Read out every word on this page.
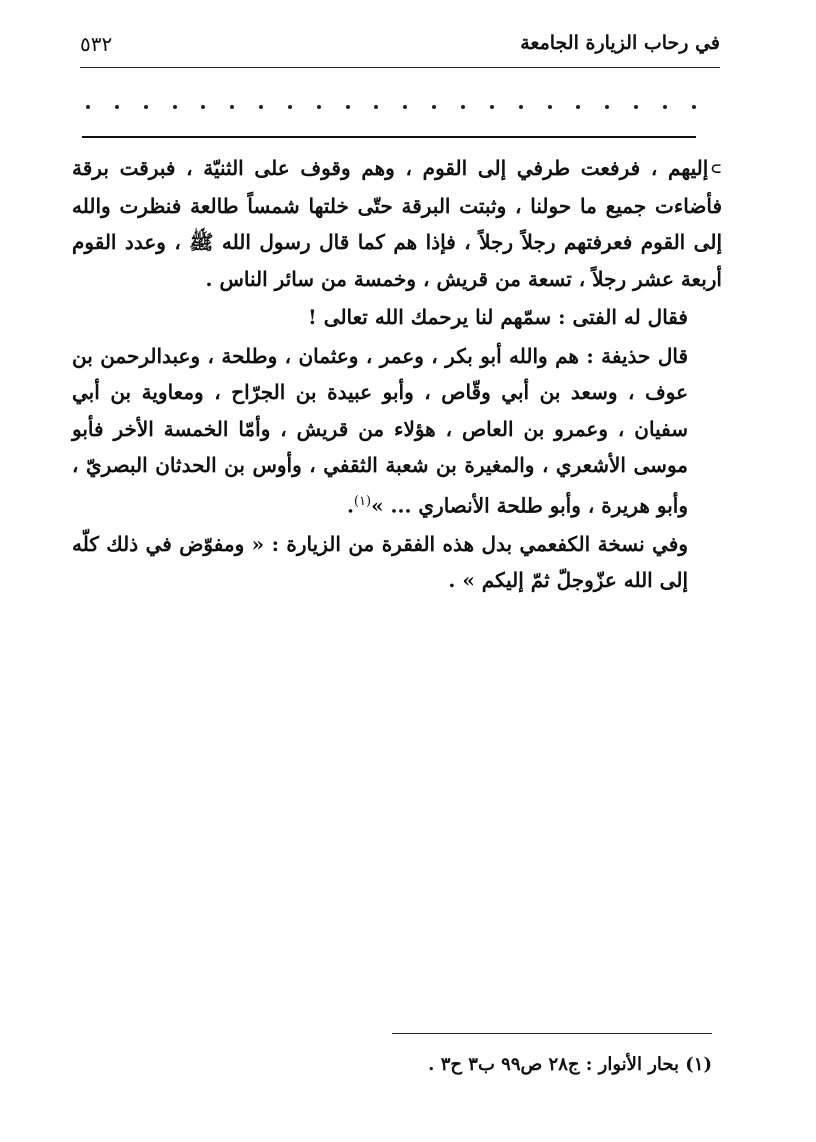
في رحاب الزيارة الجامعة
٥٣٢

⊃إليهم ، فرفعت طرفي إلى القوم ، وهم وقوف على الثنيّة ، فبرقت برقة فأضاءت جميع ما حولنا ، وثبتت البرقة حتّى خلتها شمساً طالعة فنظرت والله إلى القوم فعرفتهم رجلاً رجلاً ، فإذا هم كما قال رسول الله ﷺ ، وعدد القوم أربعة عشر رجلاً ، تسعة من قريش ، وخمسة من سائر الناس .

فقال له الفتى : سمّهم لنا يرحمك الله تعالى !

قال حذيفة : هم والله أبو بكر ، وعمر ، وعثمان ، وطلحة ، وعبدالرحمن بن عوف ، وسعد بن أبي وقّاص ، وأبو عبيدة بن الجرّاح ، ومعاوية بن أبي سفيان ، وعمرو بن العاص ، هؤلاء من قريش ، وأمّا الخمسة الأخر فأبو موسى الأشعري ، والمغيرة بن شعبة الثقفي ، وأوس بن الحدثان البصريّ ، وأبو هريرة ، وأبو طلحة الأنصاري ... »$^{(١)}$.

وفي نسخة الكفعمي بدل هذه الفقرة من الزيارة : « ومفوّض في ذلك كلّه إلى الله عزّوجلّ ثمّ إليكم » .

(١) بحار الأنوار : ج٢٨ ص٩٩ ب٣ ح٣ .
